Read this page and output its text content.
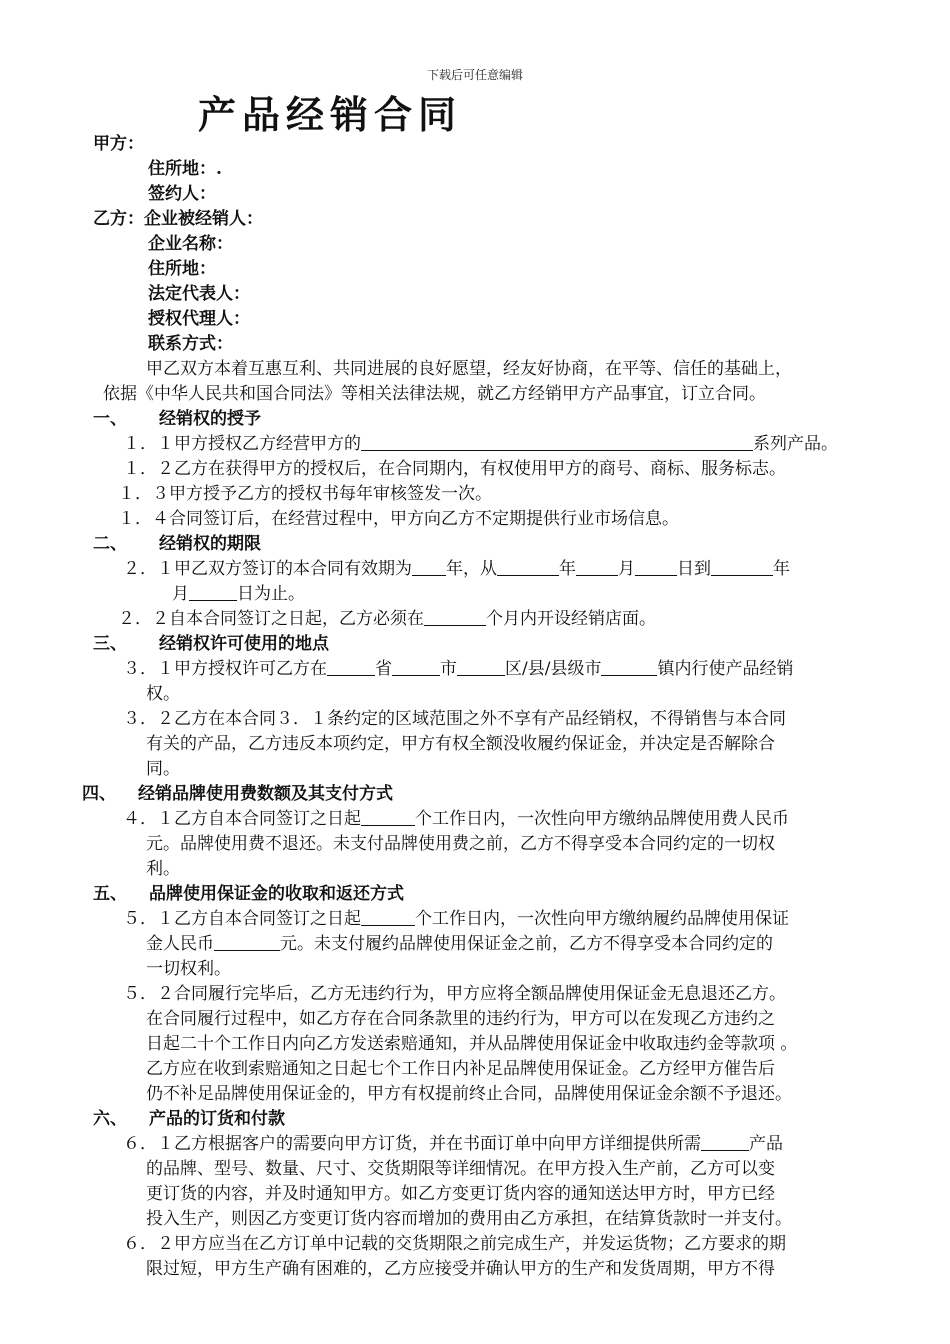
下载后可任意编辑
产品经销合同
甲方：
住所地：.
签约人：
乙方：企业被经销人：
企业名称：
住所地：
法定代表人：
授权代理人：
联系方式：
甲乙双方本着互惠互利、共同进展的良好愿望，经友好协商，在平等、信任的基础上，
依据《中华人民共和国合同法》等相关法律法规，就乙方经销甲方产品事宜，订立合同。
一、 经销权的授予
１．１甲方授权乙方经营甲方的	系列产品。
１．２乙方在获得甲方的授权后，在合同期内，有权使用甲方的商号、商标、服务标志。
１．３甲方授予乙方的授权书每年审核签发一次。
１．４合同签订后，在经营过程中，甲方向乙方不定期提供行业市场信息。
二、 经销权的期限
２．１甲乙双方签订的本合同有效期为 年，从	年 月 日到	年
月	日为止。
２．２自本合同签订之日起，乙方必须在	个月内开设经销店面。
三、 经销权许可使用的地点
３．１甲方授权许可乙方在	省	市	区/县/县级市	镇内行使产品经销
权。
３．２乙方在本合同３．１条约定的区域范围之外不享有产品经销权，不得销售与本合同
有关的产品，乙方违反本项约定，甲方有权全额没收履约保证金，并决定是否解除合
同。
四、 经销品牌使用费数额及其支付方式
４．１乙方自本合同签订之日起	个工作日内，一次性向甲方缴纳品牌使用费人民币
元。品牌使用费不退还。未支付品牌使用费之前，乙方不得享受本合同约定的一切权
利。
五、 品牌使用保证金的收取和返还方式
５．１乙方自本合同签订之日起	个工作日内，一次性向甲方缴纳履约品牌使用保证
金人民币	元。未支付履约品牌使用保证金之前，乙方不得享受本合同约定的
一切权利。
５．２合同履行完毕后，乙方无违约行为，甲方应将全额品牌使用保证金无息退还乙方。
在合同履行过程中，如乙方存在合同条款里的违约行为，甲方可以在发现乙方违约之
日起二十个工作日内向乙方发送索赔通知，并从品牌使用保证金中收取违约金等款项 。
乙方应在收到索赔通知之日起七个工作日内补足品牌使用保证金。乙方经甲方催告后
仍不补足品牌使用保证金的，甲方有权提前终止合同，品牌使用保证金余额不予退还。
六、 产品的订货和付款
６．１乙方根据客户的需要向甲方订货，并在书面订单中向甲方详细提供所需	产品
的品牌、型号、数量、尺寸、交货期限等详细情况。在甲方投入生产前，乙方可以变
更订货的内容，并及时通知甲方。如乙方变更订货内容的通知送达甲方时，甲方已经
投入生产，则因乙方变更订货内容而增加的费用由乙方承担，在结算货款时一并支付。
６．２甲方应当在乙方订单中记载的交货期限之前完成生产，并发运货物；乙方要求的期
限过短，甲方生产确有困难的，乙方应接受并确认甲方的生产和发货周期，甲方不得
